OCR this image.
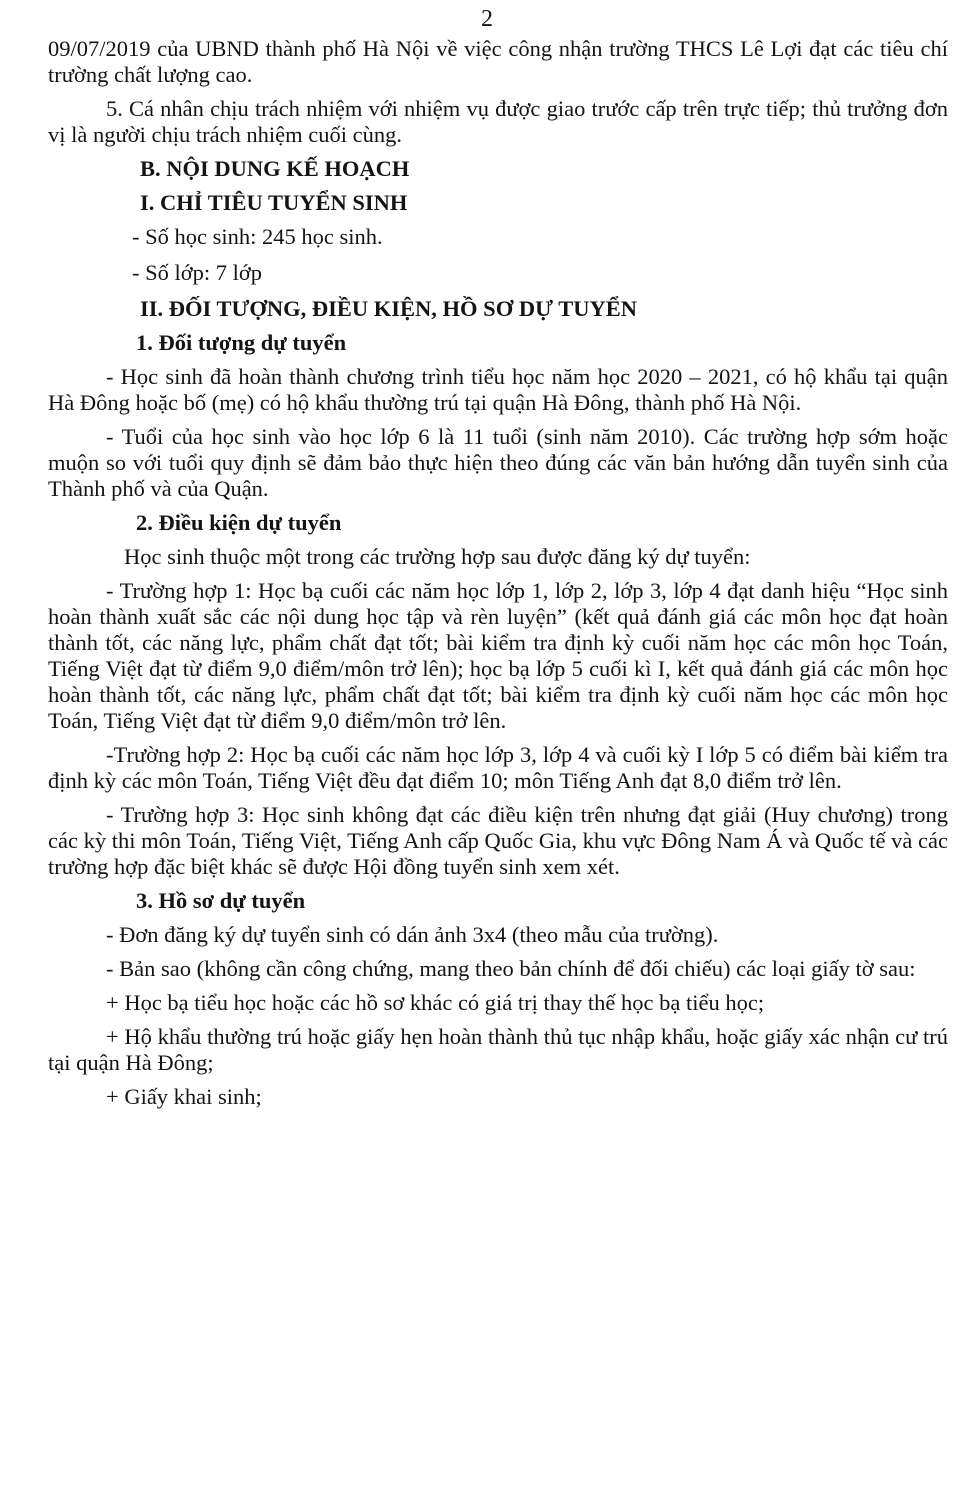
2

09/07/2019 của UBND thành phố Hà Nội về việc công nhận trường THCS Lê Lợi đạt các tiêu chí trường chất lượng cao.

5. Cá nhân chịu trách nhiệm với nhiệm vụ được giao trước cấp trên trực tiếp; thủ trưởng đơn vị là người chịu trách nhiệm cuối cùng.

B. NỘI DUNG KẾ HOẠCH

I. CHỈ TIÊU TUYỂN SINH

- Số học sinh: 245 học sinh.

- Số lớp: 7 lớp

II. ĐỐI TƯỢNG, ĐIỀU KIỆN, HỒ SƠ DỰ TUYỂN

1. Đối tượng dự tuyển

- Học sinh đã hoàn thành chương trình tiểu học năm học 2020 – 2021, có hộ khẩu tại quận Hà Đông hoặc bố (mẹ) có hộ khẩu thường trú tại quận Hà Đông, thành phố Hà Nội.

- Tuổi của học sinh vào học lớp 6 là 11 tuổi (sinh năm 2010). Các trường hợp sớm hoặc muộn so với tuổi quy định sẽ đảm bảo thực hiện theo đúng các văn bản hướng dẫn tuyển sinh của Thành phố và của Quận.

2. Điều kiện dự tuyển

Học sinh thuộc một trong các trường hợp sau được đăng ký dự tuyển:

- Trường hợp 1: Học bạ cuối các năm học lớp 1, lớp 2, lớp 3, lớp 4 đạt danh hiệu “Học sinh hoàn thành xuất sắc các nội dung học tập và rèn luyện” (kết quả đánh giá các môn học đạt hoàn thành tốt, các năng lực, phẩm chất đạt tốt; bài kiểm tra định kỳ cuối năm học các môn học Toán, Tiếng Việt đạt từ điểm 9,0 điểm/môn trở lên); học bạ lớp 5 cuối kì I, kết quả đánh giá các môn học hoàn thành tốt, các năng lực, phẩm chất đạt tốt; bài kiểm tra định kỳ cuối năm học các môn học Toán, Tiếng Việt đạt từ điểm 9,0 điểm/môn trở lên.

-Trường hợp 2: Học bạ cuối các năm học lớp 3, lớp 4 và cuối kỳ I lớp 5 có điểm bài kiểm tra định kỳ các môn Toán, Tiếng Việt đều đạt điểm 10; môn Tiếng Anh đạt 8,0 điểm trở lên.

- Trường hợp 3: Học sinh không đạt các điều kiện trên nhưng đạt giải (Huy chương) trong các kỳ thi môn Toán, Tiếng Việt, Tiếng Anh cấp Quốc Gia, khu vực Đông Nam Á và Quốc tế và các trường hợp đặc biệt khác sẽ được Hội đồng tuyển sinh xem xét.

3. Hồ sơ dự tuyển

- Đơn đăng ký dự tuyển sinh có dán ảnh 3x4 (theo mẫu của trường).

- Bản sao (không cần công chứng, mang theo bản chính để đối chiếu) các loại giấy tờ sau:

+ Học bạ tiểu học hoặc các hồ sơ khác có giá trị thay thế học bạ tiểu học;

+ Hộ khẩu thường trú hoặc giấy hẹn hoàn thành thủ tục nhập khẩu, hoặc giấy xác nhận cư trú tại quận Hà Đông;

+ Giấy khai sinh;
